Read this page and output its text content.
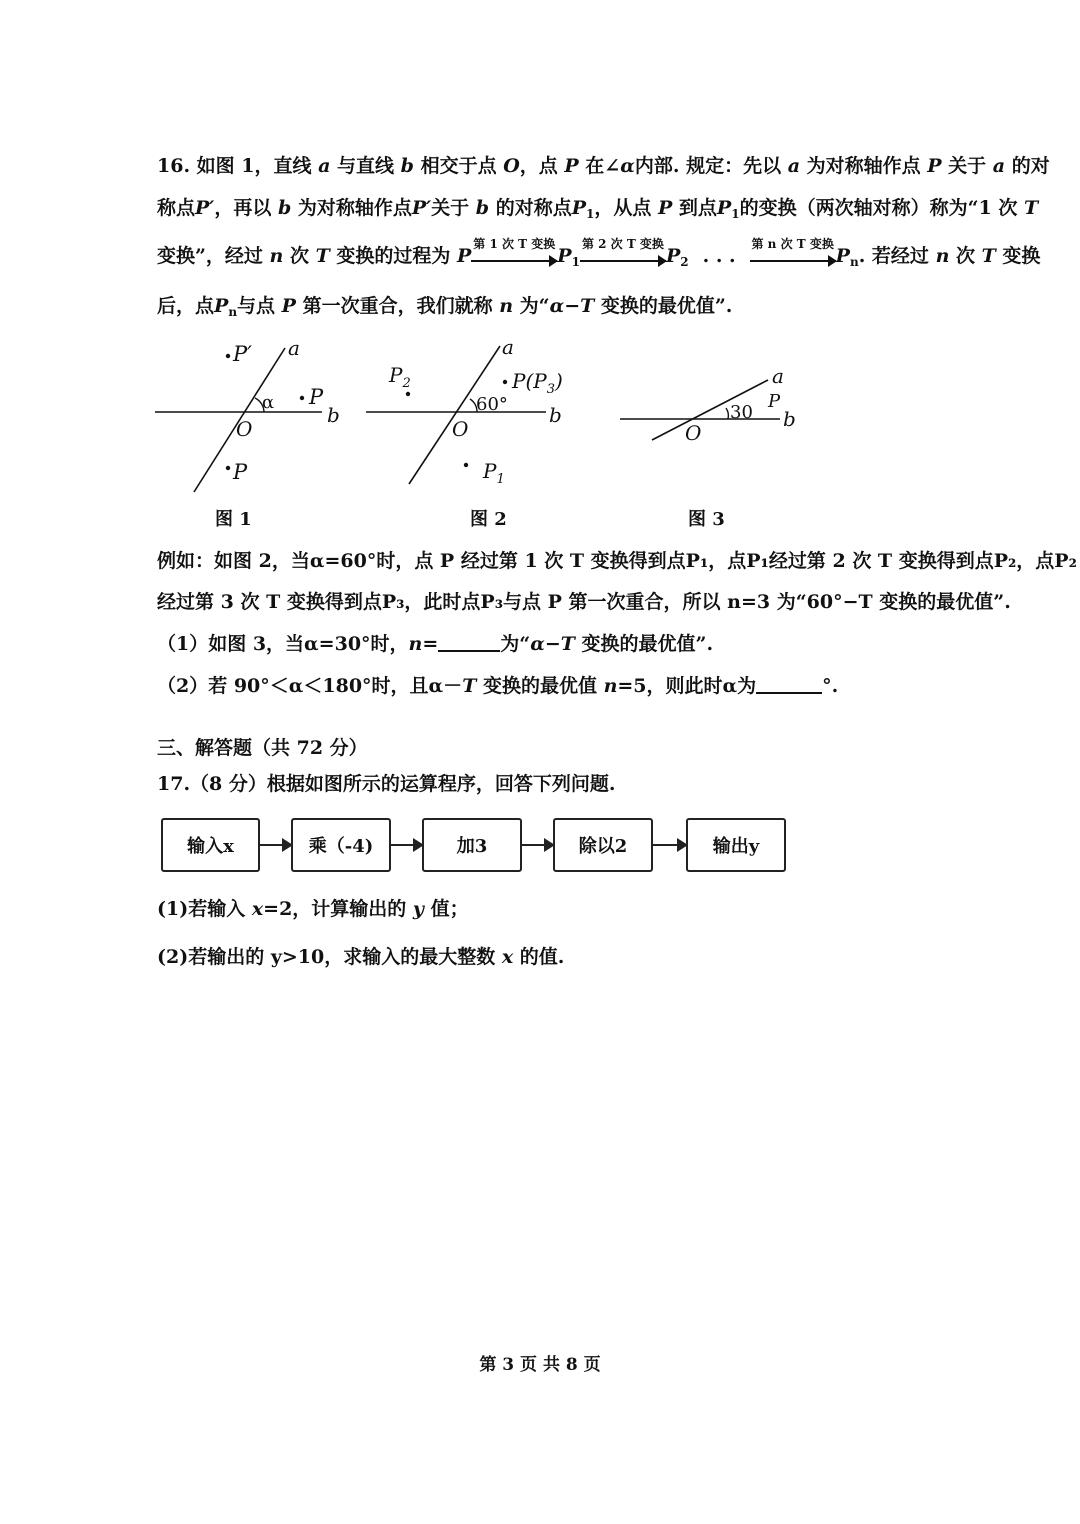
16. 如图 1，直线 a 与直线 b 相交于点 O，点 P 在∠α内部. 规定：先以 a 为对称轴作点 P 关于 a 的对
称点P′，再以 b 为对称轴作点P′关于 b 的对称点$P_1$，从点 P 到点$P_1$的变换（两次轴对称）称为“1 次 T
变换”，经过 n 次 T 变换的过程为 P
第 1 次 T 变换
$P_1$
第 2 次 T 变换
$P_2$ . . .
第 n 次 T 变换
$P_n$. 若经过 n 次 T 变换
后，点$P_n$与点 P 第一次重合，我们就称 n 为“α−T 变换的最优值”.
P′ a
α P
b
O
P
a
$P_2$	$P(P_3)$
60° b
O
$P_1$
a
30
P
b
O
图 1	图 2	图 3
例如：如图 2，当α=60°时，点 P 经过第 1 次 T 变换得到点P₁，点P₁经过第 2 次 T 变换得到点P₂，点P₂
经过第 3 次 T 变换得到点P₃，此时点P₃与点 P 第一次重合，所以 n=3 为“60°−T 变换的最优值”.
（1）如图 3，当α=30°时，n=	为“α−T 变换的最优值”.
（2）若 90°＜α＜180°时，且α－T 变换的最优值 n=5，则此时α为	°.
三、解答题（共 72 分）
17.（8 分）根据如图所示的运算程序，回答下列问题.
输入x	乘（-4)	加3	除以2	输出y
(1)若输入 x=2，计算输出的 y 值；
(2)若输出的 y>10，求输入的最大整数 x 的值.
第 3 页 共 8 页
